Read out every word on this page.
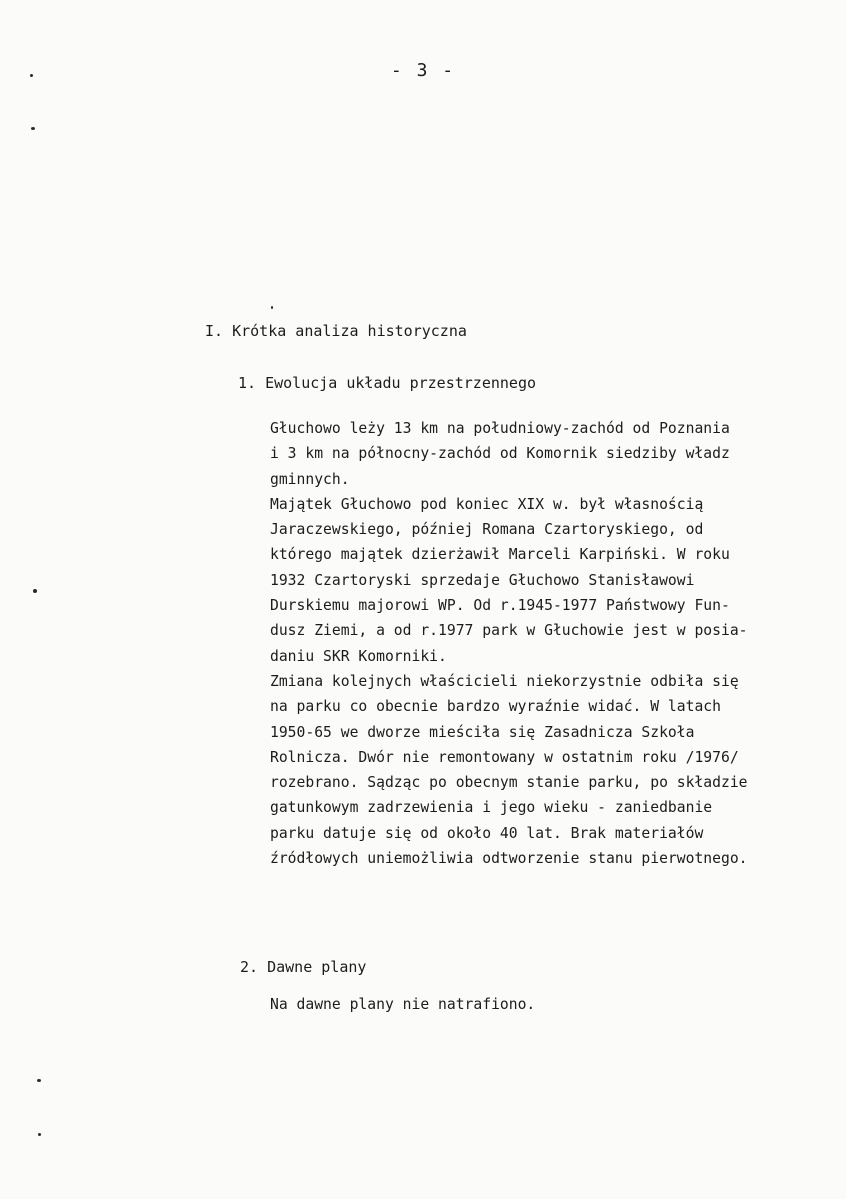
- 3 -
I. Krótka analiza historyczna
1. Ewolucja układu przestrzennego
Głuchowo leży 13 km na południowy-zachód od Poznania
i 3 km na północny-zachód od Komornik siedziby władz
gminnych.
Majątek Głuchowo pod koniec XIX w. był własnością
Jaraczewskiego, później Romana Czartoryskiego, od
którego majątek dzierżawił Marceli Karpiński. W roku
1932 Czartoryski sprzedaje Głuchowo Stanisławowi
Durskiemu majorowi WP. Od r.1945-1977 Państwowy Fun-
dusz Ziemi, a od r.1977 park w Głuchowie jest w posia-
daniu SKR Komorniki.
Zmiana kolejnych właścicieli niekorzystnie odbiła się
na parku co obecnie bardzo wyraźnie widać. W latach
1950-65 we dworze mieściła się Zasadnicza Szkoła
Rolnicza. Dwór nie remontowany w ostatnim roku /1976/
rozebrano. Sądząc po obecnym stanie parku, po składzie
gatunkowym zadrzewienia i jego wieku - zaniedbanie
parku datuje się od około 40 lat. Brak materiałów
źródłowych uniemożliwia odtworzenie stanu pierwotnego.
2. Dawne plany
Na dawne plany nie natrafiono.
